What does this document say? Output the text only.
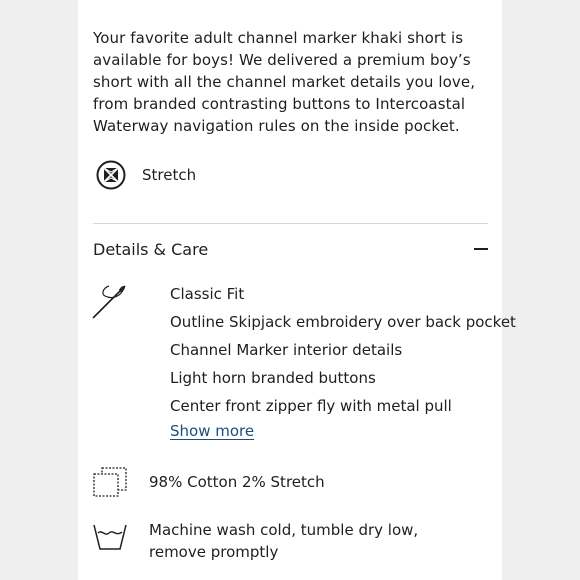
Your favorite adult channel marker khaki short is available for boys! We delivered a premium boy’s short with all the channel market details you love, from branded contrasting buttons to Intercoastal Waterway navigation rules on the inside pocket.

Stretch
Details & Care
Classic Fit
Outline Skipjack embroidery over back pocket
Channel Marker interior details
Light horn branded buttons
Center front zipper fly with metal pull
Show more
98% Cotton 2% Stretch
Machine wash cold, tumble dry low, remove promptly
